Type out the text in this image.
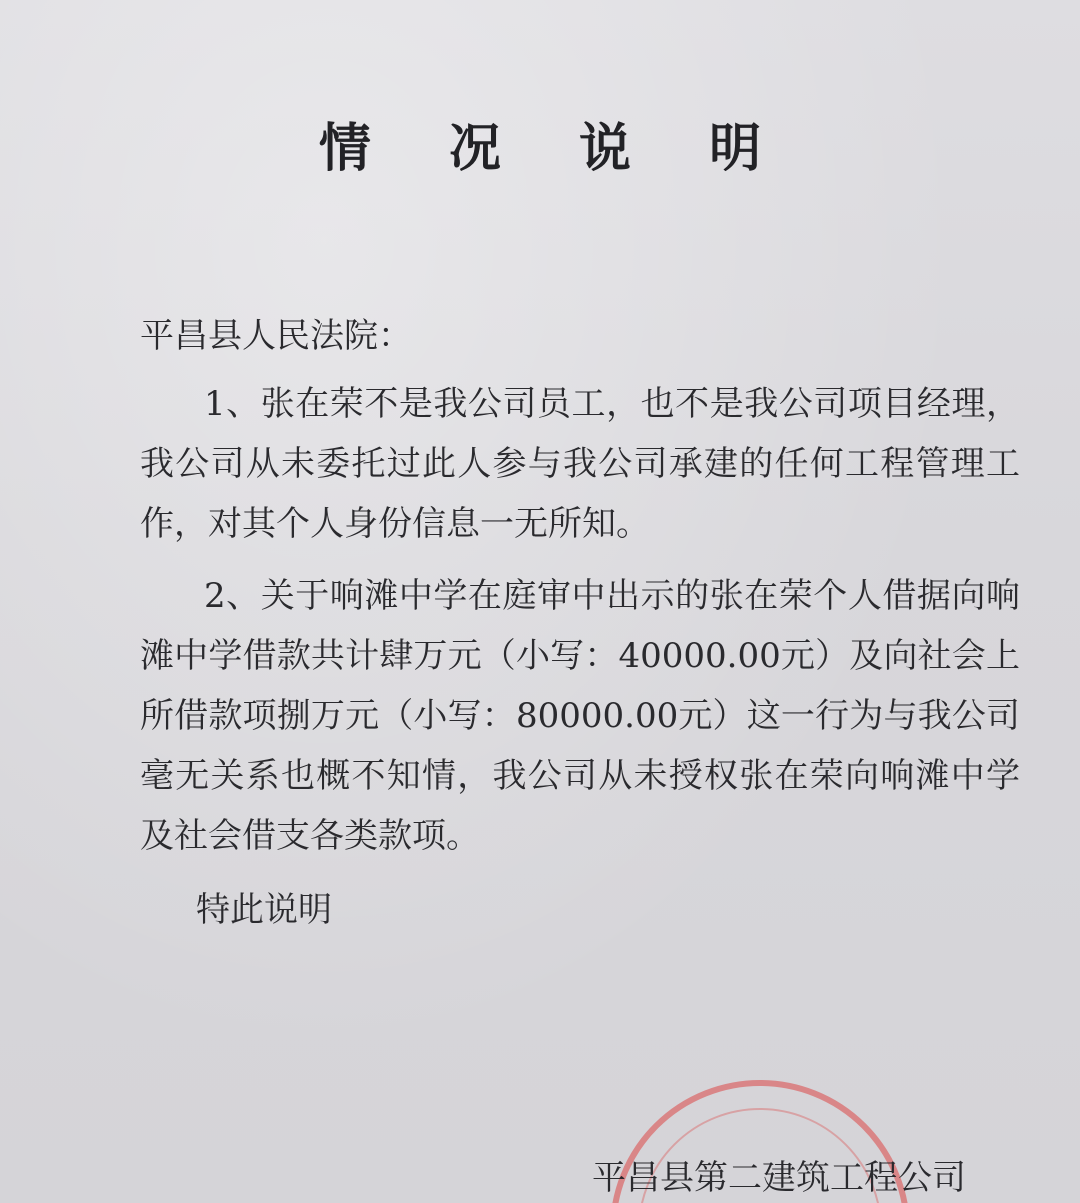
情 况 说 明

平昌县人民法院：

1、张在荣不是我公司员工，也不是我公司项目经理，我公司从未委托过此人参与我公司承建的任何工程管理工作，对其个人身份信息一无所知。

2、关于响滩中学在庭审中出示的张在荣个人借据向响滩中学借款共计肆万元（小写：40000.00元）及向社会上所借款项捌万元（小写：80000.00元）这一行为与我公司毫无关系也概不知情，我公司从未授权张在荣向响滩中学及社会借支各类款项。

特此说明

平昌县第二建筑工程公司
